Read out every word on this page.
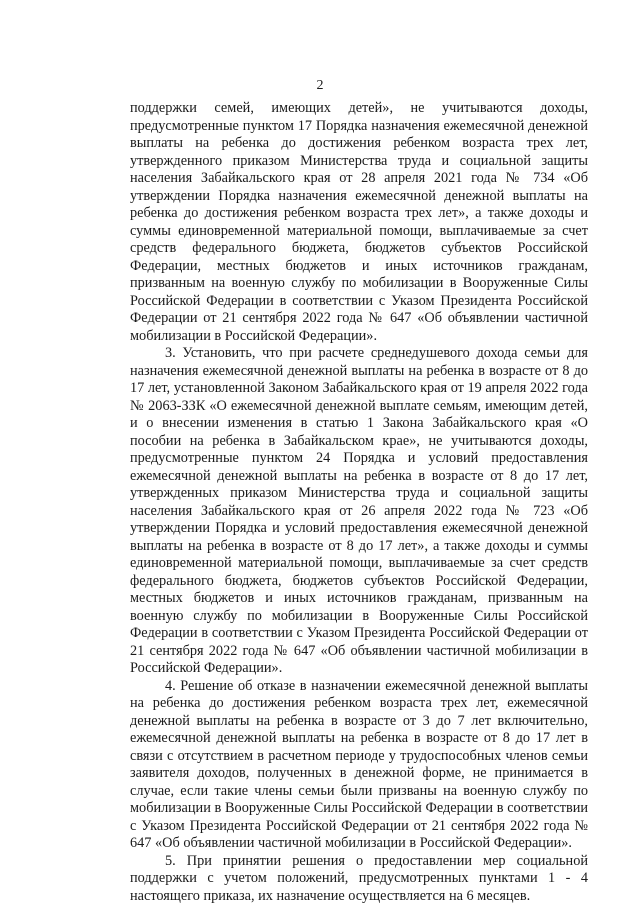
2

поддержки семей, имеющих детей», не учитываются доходы, предусмотренные пунктом 17 Порядка назначения ежемесячной денежной выплаты на ребенка до достижения ребенком возраста трех лет, утвержденного приказом Министерства труда и социальной защиты населения Забайкальского края от 28 апреля 2021 года № 734 «Об утверждении Порядка назначения ежемесячной денежной выплаты на ребенка до достижения ребенком возраста трех лет», а также доходы и суммы единовременной материальной помощи, выплачиваемые за счет средств федерального бюджета, бюджетов субъектов Российской Федерации, местных бюджетов и иных источников гражданам, призванным на военную службу по мобилизации в Вооруженные Силы Российской Федерации в соответствии с Указом Президента Российской Федерации от 21 сентября 2022 года № 647 «Об объявлении частичной мобилизации в Российской Федерации».

3. Установить, что при расчете среднедушевого дохода семьи для назначения ежемесячной денежной выплаты на ребенка в возрасте от 8 до 17 лет, установленной Законом Забайкальского края от 19 апреля 2022 года № 2063-ЗЗК «О ежемесячной денежной выплате семьям, имеющим детей, и о внесении изменения в статью 1 Закона Забайкальского края «О пособии на ребенка в Забайкальском крае», не учитываются доходы, предусмотренные пунктом 24 Порядка и условий предоставления ежемесячной денежной выплаты на ребенка в возрасте от 8 до 17 лет, утвержденных приказом Министерства труда и социальной защиты населения Забайкальского края от 26 апреля 2022 года № 723 «Об утверждении Порядка и условий предоставления ежемесячной денежной выплаты на ребенка в возрасте от 8 до 17 лет», а также доходы и суммы единовременной материальной помощи, выплачиваемые за счет средств федерального бюджета, бюджетов субъектов Российской Федерации, местных бюджетов и иных источников гражданам, призванным на военную службу по мобилизации в Вооруженные Силы Российской Федерации в соответствии с Указом Президента Российской Федерации от 21 сентября 2022 года № 647 «Об объявлении частичной мобилизации в Российской Федерации».

4. Решение об отказе в назначении ежемесячной денежной выплаты на ребенка до достижения ребенком возраста трех лет, ежемесячной денежной выплаты на ребенка в возрасте от 3 до 7 лет включительно, ежемесячной денежной выплаты на ребенка в возрасте от 8 до 17 лет в связи с отсутствием в расчетном периоде у трудоспособных членов семьи заявителя доходов, полученных в денежной форме, не принимается в случае, если такие члены семьи были призваны на военную службу по мобилизации в Вооруженные Силы Российской Федерации в соответствии с Указом Президента Российской Федерации от 21 сентября 2022 года № 647 «Об объявлении частичной мобилизации в Российской Федерации».

5. При принятии решения о предоставлении мер социальной поддержки с учетом положений, предусмотренных пунктами 1 - 4 настоящего приказа, их назначение осуществляется на 6 месяцев.
